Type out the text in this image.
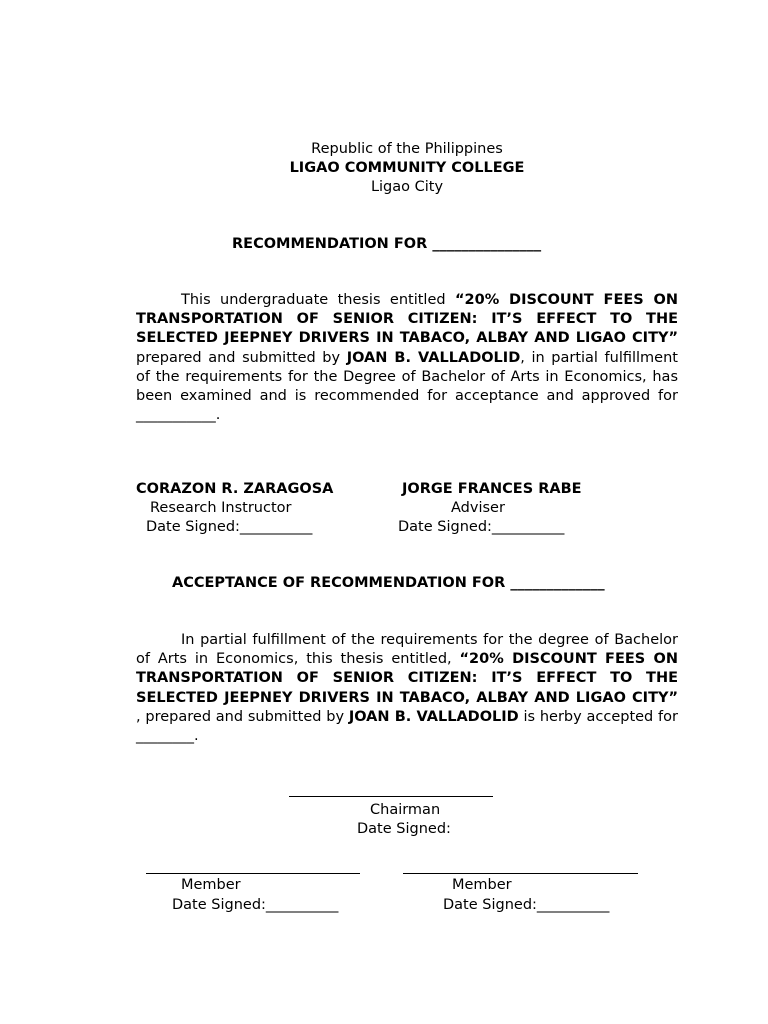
Republic of the Philippines
LIGAO COMMUNITY COLLEGE
Ligao City
RECOMMENDATION FOR _______________
This undergraduate thesis entitled “20% DISCOUNT FEES ON TRANSPORTATION OF SENIOR CITIZEN: IT’S EFFECT TO THE SELECTED JEEPNEY DRIVERS IN TABACO, ALBAY AND LIGAO CITY” prepared and submitted by JOAN B. VALLADOLID, in partial fulfillment of the requirements for the Degree of Bachelor of Arts in Economics, has been examined and is recommended for acceptance and approved for ___________.
CORAZON R. ZARAGOSA
Research Instructor
Date Signed:__________
JORGE FRANCES RABE
Adviser
Date Signed:__________
ACCEPTANCE OF RECOMMENDATION FOR _____________
In partial fulfillment of the requirements for the degree of Bachelor of Arts in Economics, this thesis entitled, “20% DISCOUNT FEES ON TRANSPORTATION OF SENIOR CITIZEN: IT’S EFFECT TO THE SELECTED JEEPNEY DRIVERS IN TABACO, ALBAY AND LIGAO CITY” , prepared and submitted by JOAN B. VALLADOLID is herby accepted for ________.
Chairman
Date Signed:
Member
Date Signed:__________
Member
Date Signed:__________
